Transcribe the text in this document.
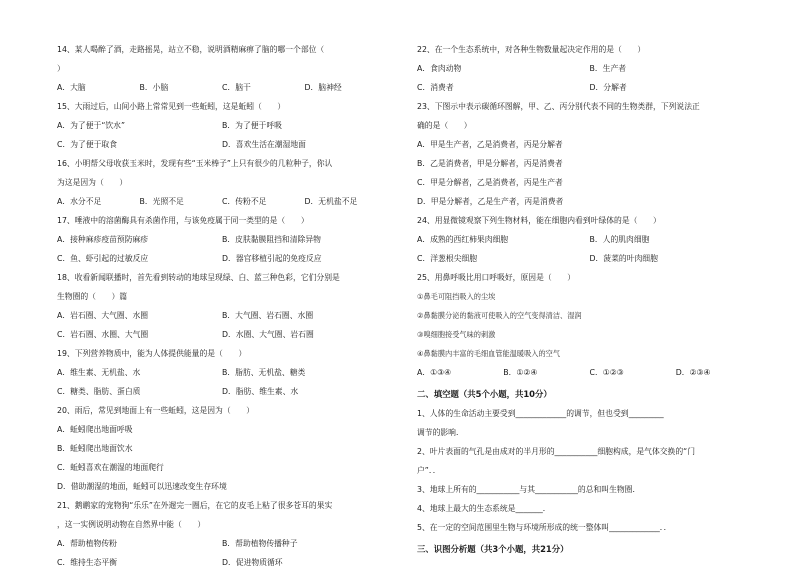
14、某人喝醉了酒，走路摇晃，站立不稳，说明酒精麻痹了脑的哪一个部位（
）
A．大脑	B．小脑	C．脑干	D．脑神经
15、大雨过后，山间小路上常常见到一些蚯蚓，这是蚯蚓（　　）
A．为了便于“饮水”	B．为了便于呼吸
C．为了便于取食	D．喜欢生活在潮湿地面
16、小明帮父母收获玉米时，发现有些“玉米棒子”上只有很少的几粒种子，你认
为这是因为（　　）
A．水分不足	B．光照不足	C．传粉不足	D．无机盐不足
17、唾液中的溶菌酶具有杀菌作用，与该免疫属于同一类型的是（　　）
A．接种麻疹疫苗预防麻疹	B．皮肤黏膜阻挡和清除异物
C．鱼、虾引起的过敏反应	D．器官移植引起的免疫反应
18、收看新闻联播时，首先看到转动的地球呈现绿、白、蓝三种色彩，它们分别是
生物圈的（　　）篇
A．岩石圈、大气圈、水圈	B．大气圈、岩石圈、水圈
C．岩石圈、水圈、大气圈	D．水圈、大气圈、岩石圈
19、下列营养物质中，能为人体提供能量的是（　　）
A．维生素、无机盐、水	B．脂肪、无机盐、糖类
C．糖类、脂肪、蛋白质	D．脂肪、维生素、水
20、雨后，常见到地面上有一些蚯蚓，这是因为（　　）
A．蚯蚓爬出地面呼吸
B．蚯蚓爬出地面饮水
C．蚯蚓喜欢在潮湿的地面爬行
D．借助潮湿的地面，蚯蚓可以迅速改变生存环境
21、鹅鹕家的宠物狗“乐乐”在外遛完一圈后，在它的皮毛上粘了很多苍耳的果实
，这一实例说明动物在自然界中能（　　）
A．帮助植物传粉	B．帮助植物传播种子
C．维持生态平衡	D．促进物质循环
22、在一个生态系统中，对各种生物数量起决定作用的是（　　）
A．食肉动物	B．生产者
C．消费者	D．分解者
23、下图示中表示碳循环图解，甲、乙、丙分别代表不同的生物类群，下列说法正
确的是（　　）
A．甲是生产者，乙是消费者，丙是分解者
B．乙是消费者，甲是分解者，丙是消费者
C．甲是分解者，乙是消费者，丙是生产者
D．甲是分解者，乙是生产者，丙是消费者
24、用显微镜观察下列生物材料，能在细胞内看到叶绿体的是（　　）
A．成熟的西红柿果肉细胞	B．人的肌肉细胞
C．洋葱根尖细胞	D．菠菜的叶肉细胞
25、用鼻呼吸比用口呼吸好，原因是（　　）
①鼻毛可阻挡吸入的尘埃
②鼻黏膜分泌的黏液可使吸入的空气变得清洁、湿润
③嗅细胞接受气味的刺激
④鼻黏膜内丰富的毛细血管能温暖吸入的空气
A．①③④	B．①②④	C．①②③	D．②③④
二、填空题（共5个小题，共10分）
1、人体的生命活动主要受到_____________的调节，但也受到_________
调节的影响．
2、叶片表面的气孔是由成对的半月形的___________细胞构成，是气体交换的“门
户”．．
3、地球上所有的___________与其___________的总和叫生物圈．
4、地球上最大的生态系统是_______．
5、在一定的空间范围里生物与环境所形成的统一整体叫_____________．．
三、识图分析题（共3个小题，共21分）
